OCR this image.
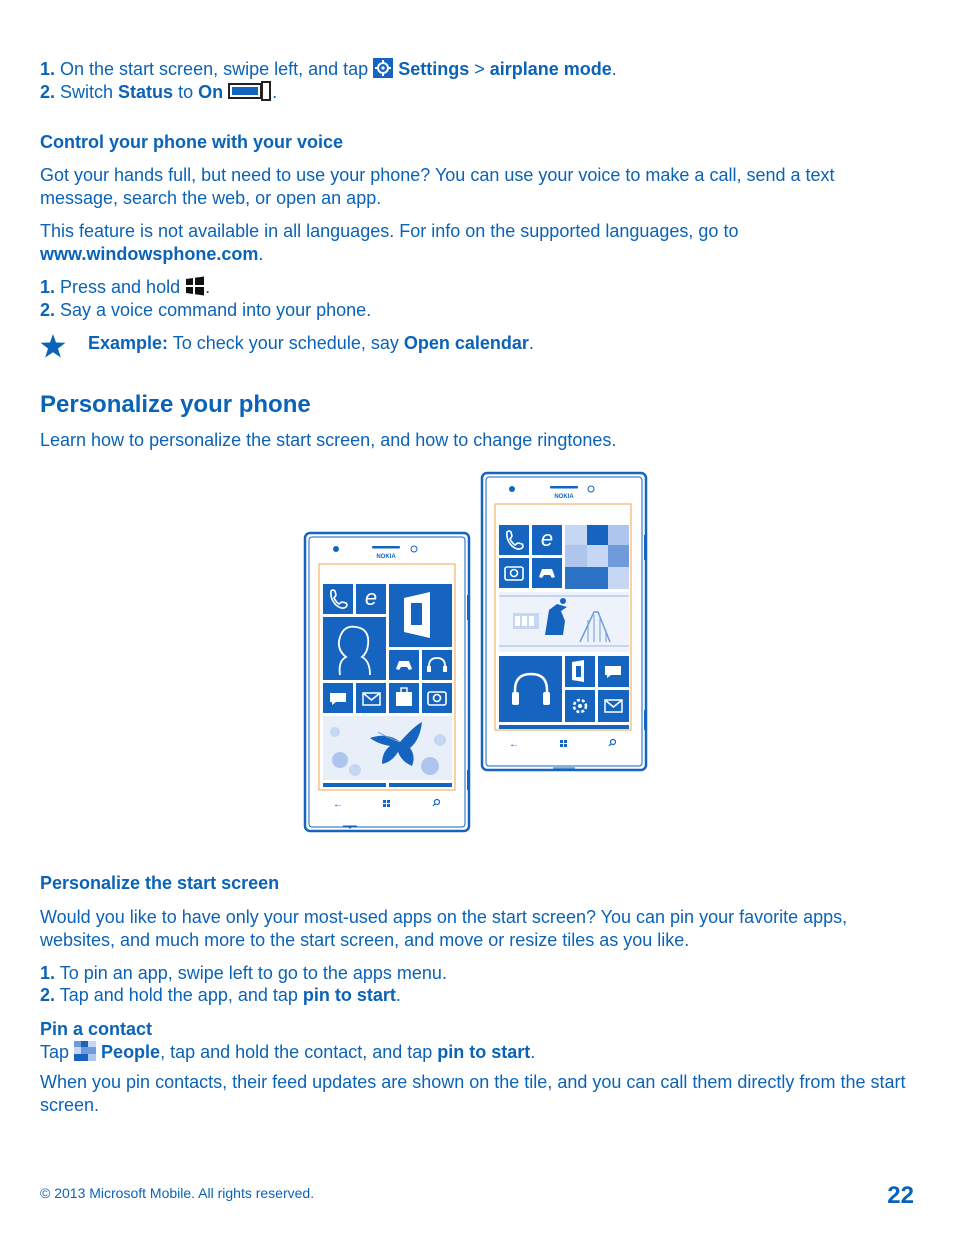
1. On the start screen, swipe left, and tap  Settings > airplane mode.
2. Switch Status to On	.
Control your phone with your voice
Got your hands full, but need to use your phone? You can use your voice to make a call, send a text message, search the web, or open an app.
This feature is not available in all languages. For info on the supported languages, go to www.windowsphone.com.
1. Press and hold .
2. Say a voice command into your phone.
Example: To check your schedule, say Open calendar.
Personalize your phone
Learn how to personalize the start screen, and how to change ringtones.
NOKIA
e
←
NOKIA
e
←
Personalize the start screen
Would you like to have only your most-used apps on the start screen? You can pin your favorite apps, websites, and much more to the start screen, and move or resize tiles as you like.
1. To pin an app, swipe left to go to the apps menu.
2. Tap and hold the app, and tap pin to start.
Pin a contact
Tap  People, tap and hold the contact, and tap pin to start.
When you pin contacts, their feed updates are shown on the tile, and you can call them directly from the start screen.
© 2013 Microsoft Mobile. All rights reserved.	22
